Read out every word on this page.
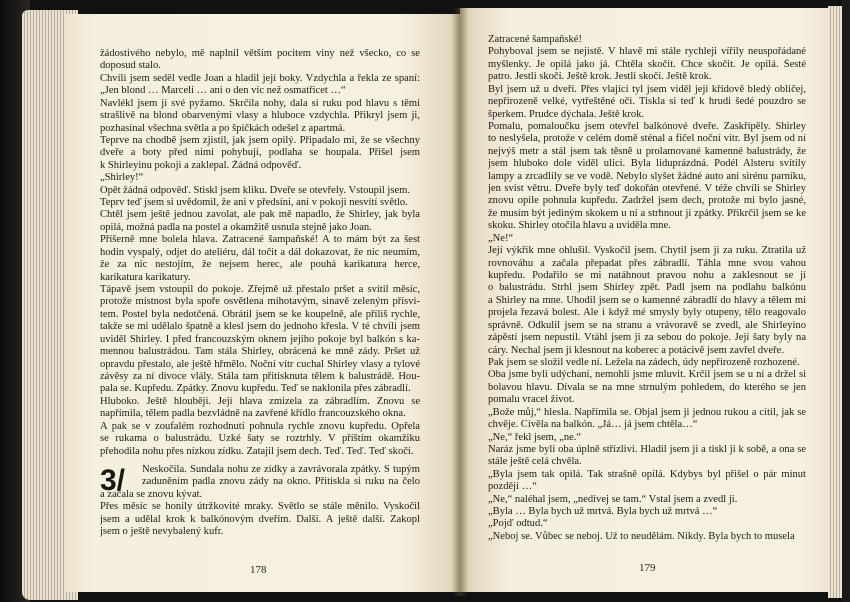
žádostivého nebylo, mě naplnil větším pocitem viny než všecko, co se
doposud stalo.
Chvíli jsem seděl vedle Joan a hladil její boky. Vzdychla a řekla ze spaní:
„Jen blond … Marceli … ani o den víc než osmatřicet …“
Navlékl jsem jí své pyžamo. Skrčila nohy, dala si ruku pod hlavu s těmi
strašlivě na blond obarvenými vlasy a hluboce vzdychla. Přikryl jsem ji,
pozhasínal všechna světla a po špičkách odešel z apartmá.
Teprve na chodbě jsem zjistil, jak jsem opilý. Připadalo mi, že se všechny
dveře a boty před nimi pohybují, podlaha se houpala. Přišel jsem
k Shirleyinu pokoji a zaklepal. Žádná odpověď.
„Shirley!“
Opět žádná odpověď. Stiskl jsem kliku. Dveře se otevřely. Vstoupil jsem.
Teprv teď jsem si uvědomil, že ani v předsíni, ani v pokoji nesvítí světlo.
Chtěl jsem ještě jednou zavolat, ale pak mě napadlo, že Shirley, jak byla
opilá, možná padla na postel a okamžitě usnula stejně jako Joan.
Příšerně mne bolela hlava. Zatracené šampaňské! A to mám být za šest
hodin vyspalý, odjet do ateliéru, dál točit a dál dokazovat, že nic neumím,
že za nic nestojím, že nejsem herec, ale pouhá karikatura herce,
karikatura karikatury.
Tápavě jsem vstoupil do pokoje. Zřejmě už přestalo pršet a svítil měsíc,
protože místnost byla spoře osvětlena mihotavým, sinavě zeleným přísvi-
tem. Postel byla nedotčená. Obrátil jsem se ke koupelně, ale příliš rychle,
takže se mi udělalo špatně a klesl jsem do jednoho křesla. V té chvíli jsem
uviděl Shirley. I před francouzským oknem jejího pokoje byl balkón s ka-
mennou balustrádou. Tam stála Shirley, obrácená ke mně zády. Pršet už
opravdu přestalo, ale ještě hřmělo. Noční vítr cuchal Shirley vlasy a tylové
závěsy za ní divoce vlály. Stála tam přitisknuta tělem k balustrádě. Hou-
pala se. Kupředu. Zpátky. Znovu kupředu. Teď se naklonila přes zábradlí.
Hluboko. Ještě hlouběji. Její hlava zmizela za zábradlím. Znovu se
napřímila, tělem padla bezvládně na zavřené křídlo francouzského okna.
A pak se v zoufalém rozhodnutí pohnula rychle znovu kupředu. Opřela
se rukama o balustrádu. Úzké šaty se roztrhly. V příštím okamžiku
přehodila nohu přes nízkou zídku. Zatajil jsem dech. Teď. Teď. Teď skočí.
3/	Neskočila. Sundala nohu ze zídky a zavrávorala zpátky. S tupým
zaduněním padla znovu zády na okno. Přitiskla si ruku na čelo
a začala se znovu kývat.
Přes měsíc se honily útržkovité mraky. Světlo se stále měnilo. Vyskočil
jsem a udělal krok k balkónovým dveřím. Další. A ještě další. Zakopl
jsem o ještě nevybalený kufr.
178
Zatracené šampaňské!
Pohyboval jsem se nejistě. V hlavě mi stále rychleji vířily neuspořádané
myšlenky. Je opilá jako já. Chtěla skočit. Chce skočit. Je opilá. Šesté
patro. Jestli skočí. Ještě krok. Jestli skočí. Ještě krok.
Byl jsem už u dveří. Přes vlající tyl jsem viděl její křídově bledý obličej,
nepřirozeně velké, vytřeštěné oči. Tiskla si teď k hrudi šedé pouzdro se
šperkem. Prudce dýchala. Ještě krok.
Pomalu, pomaloučku jsem otevřel balkónové dveře. Zaskřípěly. Shirley
to neslyšela, protože v celém domě sténal a fičel noční vítr. Byl jsem od ní
nejvýš metr a stál jsem tak těsně u prolamované kamenné balustrády, že
jsem hluboko dole viděl ulici. Byla liduprázdná. Podél Alsteru svítily
lampy a zrcadlily se ve vodě. Nebylo slyšet žádné auto ani sirénu parníku,
jen svist větru. Dveře byly teď dokořán otevřené. V téže chvíli se Shirley
znovu opile pohnula kupředu. Zadržel jsem dech, protože mi bylo jasné,
že musím být jediným skokem u ní a strhnout ji zpátky. Přikrčil jsem se ke
skoku. Shirley otočila hlavu a uviděla mne.
„Ne!“
Její výkřik mne ohlušil. Vyskočil jsem. Chytil jsem ji za ruku. Ztratila už
rovnováhu a začala přepadat přes zábradlí. Táhla mne svou vahou
kupředu. Podařilo se mi natáhnout pravou nohu a zaklesnout se jí
o balustrádu. Strhl jsem Shirley zpět. Padl jsem na podlahu balkónu
a Shirley na mne. Uhodil jsem se o kamenné zábradlí do hlavy a tělem mi
projela řezavá bolest. Ale i když mé smysly byly otupeny, tělo reagovalo
správně. Odkulil jsem se na stranu a vrávoravě se zvedl, ale Shirleyino
zápěstí jsem nepustil. Vtáhl jsem ji za sebou do pokoje. Její šaty byly na
cáry. Nechal jsem ji klesnout na koberec a potácivě jsem zavřel dveře.
Pak jsem se složil vedle ní. Ležela na zádech, údy nepřirozeně rozhozené.
Oba jsme byli udýchaní, nemohli jsme mluvit. Krčil jsem se u ní a držel si
bolavou hlavu. Dívala se na mne strnulým pohledem, do kterého se jen
pomalu vracel život.
„Bože můj,“ hlesla. Napřímila se. Objal jsem ji jednou rukou a cítil, jak se
chvěje. Cívěla na balkón. „Já… já jsem chtěla…“
„Ne,“ řekl jsem, „ne.“
Naráz jsme byli oba úplně střízliví. Hladil jsem ji a tiskl ji k sobě, a ona se
stále ještě celá chvěla.
„Byla jsem tak opilá. Tak strašně opilá. Kdybys byl přišel o pár minut
později …“
„Ne,“ naléhal jsem, „nedívej se tam.“ Vstal jsem a zvedl ji.
„Byla … Byla bych už mrtvá. Byla bych už mrtvá …“
„Pojď odtud.“
„Neboj se. Vůbec se neboj. Už to neudělám. Nikdy. Byla bych to musela
179
